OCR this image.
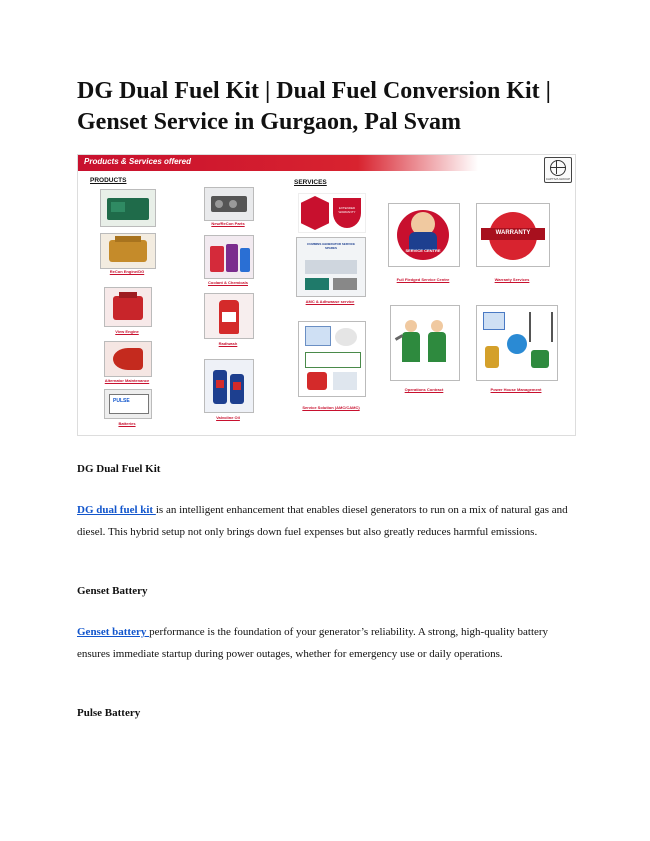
DG Dual Fuel Kit | Dual Fuel Conversion Kit | Genset Service in Gurgaon, Pal Svam
Products & Services offered
CAPTIVA GROUP
PRODUCTS	SERVICES
ReCon Engine/DG
View Engine
Alternator Maintenance
PULSE
Batteries
New/ReCon Parts
Coolant & Chemicals
Radiwash
Valvoline Oil
EXTENDED WARRANTY
CUMMINS GENERATOR SERVICE SPARES
AMC & Adhwasse service
Service Solution (AMC/CAMC)
SERVICE CENTRE
Full Fledged Service Centre
WARRANTY
Warranty Services
Operations Contract	Power House Management
DG Dual Fuel Kit
DG dual fuel kit is an intelligent enhancement that enables diesel generators to run on a mix of natural gas and diesel. This hybrid setup not only brings down fuel expenses but also greatly reduces harmful emissions.
Genset Battery
Genset battery performance is the foundation of your generator’s reliability. A strong, high-quality battery ensures immediate startup during power outages, whether for emergency use or daily operations.
Pulse Battery
